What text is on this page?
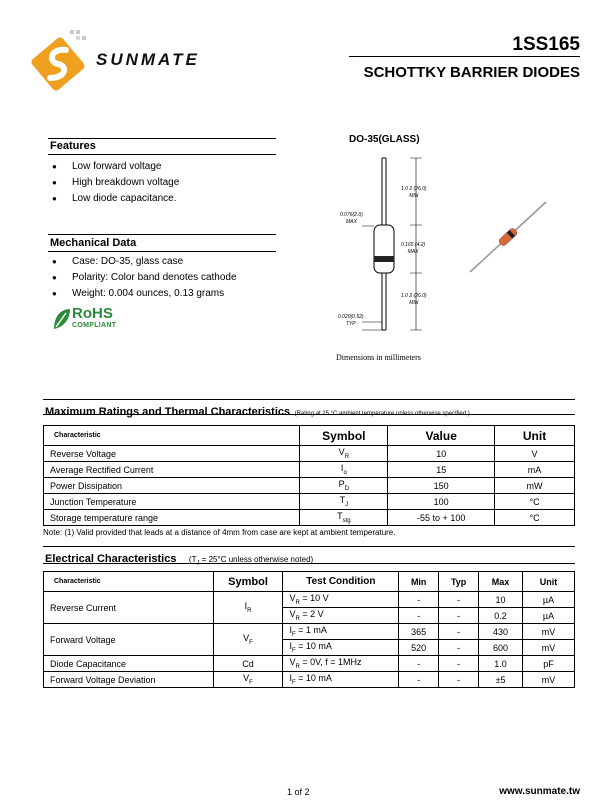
SUNMATE
1SS165
SCHOTTKY BARRIER DIODES
Features
● Low forward voltage
● High breakdown voltage
● Low diode capacitance.
Mechanical Data
● Case: DO-35, glass case
● Polarity: Color band denotes cathode
● Weight: 0.004 ounces, 0.13 grams
RoHS
COMPLIANT
DO-35(GLASS)
1.0 2 (26.0)
MIN
0.076(2.0)
MAX
0.165 (4.2)
MAX
1.0 2 (26.0)
MIN
0.020(0.52)
TYP
Dimensions in millimeters
Maximum Ratings and Thermal Characteristics (Rating at 25 °C ambient temperature unless otherwise specified.)
Characteristic	Symbol	Value	Unit
Reverse Voltage	$V_R$	10	V
Average Rectified Current	$I_o$	15	mA
Power Dissipation	$P_D$	150	mW
Junction Temperature	$T_J$	100	°C
Storage temperature range	$T_{stg}$	-55 to + 100	°C
Note: (1) Valid provided that leads at a distance of 4mm from case are kept at ambient temperature.
Electrical Characteristics ($T_J = 25^\circ C$ unless otherwise noted)
Characteristic	Symbol	Test Condition	Min	Typ	Max	Unit
Reverse Current	$I_R$	$V_R = 10$ V	-	-	10	µA
		$V_R = 2$ V	-	-	0.2	µA
Forward Voltage	$V_F$	$I_F = 1$ mA	365	-	430	mV
		$I_F = 10$ mA	520	-	600	mV
Diode Capacitance	Cd	$V_R = 0V$, f = 1MHz	-	-	1.0	pF
Forward Voltage Deviation	$V_F$	$I_F = 10$ mA	-	-	±5	mV
1 of 2	www.sunmate.tw
